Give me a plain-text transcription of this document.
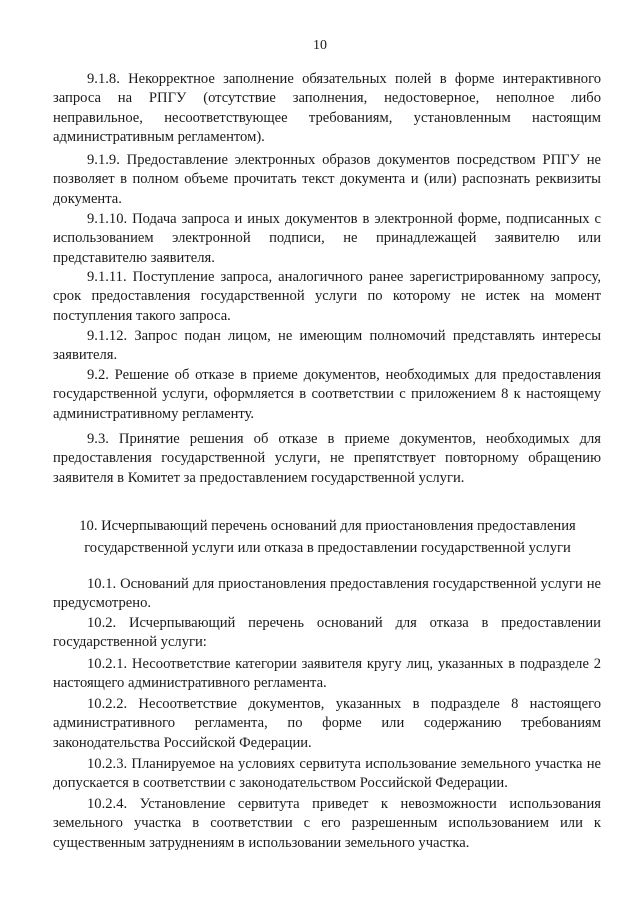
10

9.1.8. Некорректное заполнение обязательных полей в форме интерактивного запроса на РПГУ (отсутствие заполнения, недостоверное, неполное либо неправильное, несоответствующее требованиям, установленным настоящим административным регламентом).

9.1.9. Предоставление электронных образов документов посредством РПГУ не позволяет в полном объеме прочитать текст документа и (или) распознать реквизиты документа.

9.1.10. Подача запроса и иных документов в электронной форме, подписанных с использованием электронной подписи, не принадлежащей заявителю или представителю заявителя.

9.1.11. Поступление запроса, аналогичного ранее зарегистрированному запросу, срок предоставления государственной услуги по которому не истек на момент поступления такого запроса.

9.1.12. Запрос подан лицом, не имеющим полномочий представлять интересы заявителя.

9.2. Решение об отказе в приеме документов, необходимых для предоставления государственной услуги, оформляется в соответствии с приложением 8 к настоящему административному регламенту.

9.3. Принятие решения об отказе в приеме документов, необходимых для предоставления государственной услуги, не препятствует повторному обращению заявителя в Комитет за предоставлением государственной услуги.

10. Исчерпывающий перечень оснований для приостановления предоставления
государственной услуги или отказа в предоставлении государственной услуги

10.1. Оснований для приостановления предоставления государственной услуги не предусмотрено.

10.2. Исчерпывающий перечень оснований для отказа в предоставлении государственной услуги:

10.2.1. Несоответствие категории заявителя кругу лиц, указанных в подразделе 2 настоящего административного регламента.

10.2.2. Несоответствие документов, указанных в подразделе 8 настоящего административного регламента, по форме или содержанию требованиям законодательства Российской Федерации.

10.2.3. Планируемое на условиях сервитута использование земельного участка не допускается в соответствии с законодательством Российской Федерации.

10.2.4. Установление сервитута приведет к невозможности использования земельного участка в соответствии с его разрешенным использованием или к существенным затруднениям в использовании земельного участка.
